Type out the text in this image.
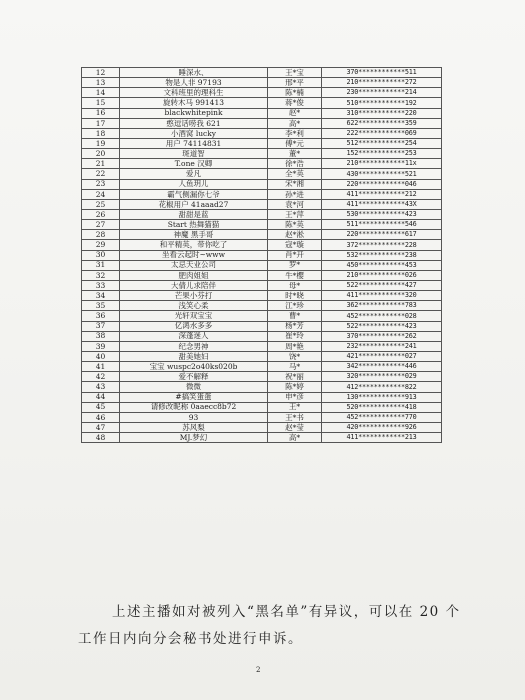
12	睡深水、	王*宝	370************511
13	物是人非 97193	邢*平	210************272
14	文科班里的理科生	陈*楠	230************214
15	旋转木马 991413	蒋*俊	510************192
16	blackwhitepink	赵*	310************220
17	憨逗话唠我 621	高*	622************359
18	小酒窝 lucky	李*利	222************069
19	用户 74114831	傅*元	512************254
20	斑道智	董*	152************253
21	T.one 汉卿	徐*浩	210************11x
22	爱凡	全*英	430************521
23	人鱼玥儿	宋*湘	220************046
24	霸气侧漏你七爷	孙*进	411************212
25	花椒用户 41aaad27	袁*河	411************43X
26	甜甜是蓝	王*萍	530************423
27	Start 热舞猫猫	陈*英	511************546
28	神魔 黑手哥	赵*淞	220************617
29	和平精英，带你吃了	寇*璇	372************228
30	坐看云起时~www	肖*开	532************238
31	太忌天业公司	罗*	450************453
32	肥肉姐姐	牛*樱	210************026
33	大倩儿求陪伴	母*	522************427
34	芒果小芬打	时*晓	411************320
35	浅笑心柔	江*珍	362************783
36	光轩双宝宝	曹*	452************028
37	亿鸿水多多	杨*芳	522************423
38	深蓬迷人	崔*玲	370************262
39	纪念男神	周*艳	232************241
40	甜美她妇	饶*	421************027
41	宝宝 wuspc2o40ks020b	马*	342************446
42	爱不解释	祝*丽	320************029
43	微微	陈*婷	412************822
44	#搞笑蛋蛋	申*彦	130************913
45	请修改昵称 0aaecc8b72	王*	520************418
46	93	王*书	452************770
47	苏风梨	赵*莹	420************926
48	MJ.梦幻	高*	411************213
上述主播如对被列入“黑名单”有异议，可以在 20 个
工作日内向分会秘书处进行申诉。
2
